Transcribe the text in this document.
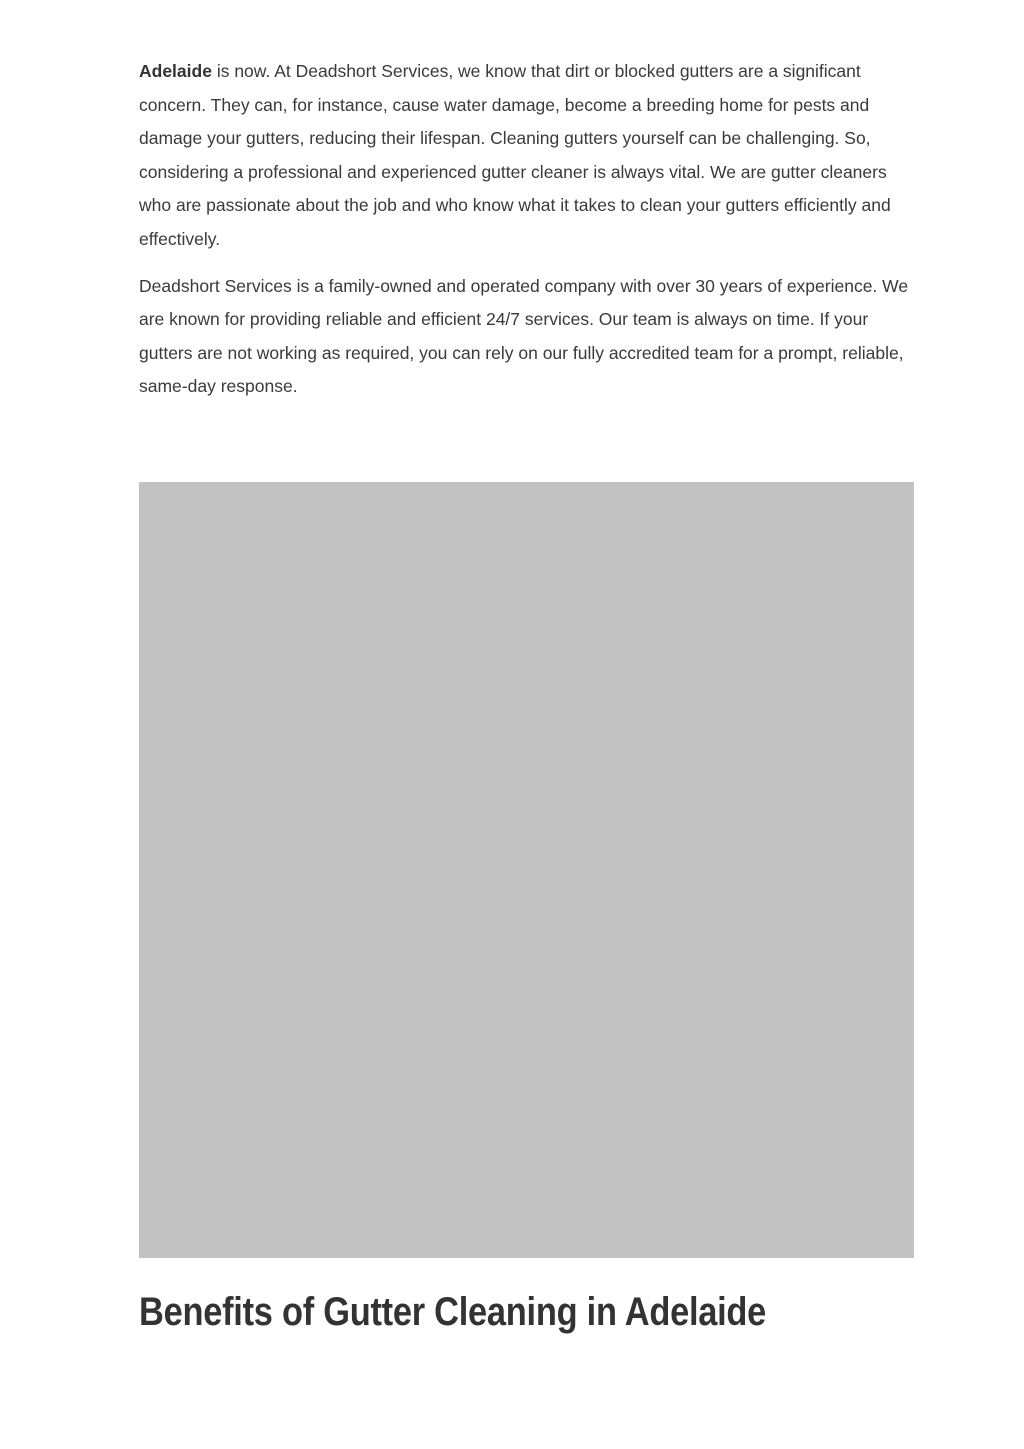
Adelaide is now. At Deadshort Services, we know that dirt or blocked gutters are a significant concern. They can, for instance, cause water damage, become a breeding home for pests and damage your gutters, reducing their lifespan. Cleaning gutters yourself can be challenging. So, considering a professional and experienced gutter cleaner is always vital. We are gutter cleaners who are passionate about the job and who know what it takes to clean your gutters efficiently and effectively.

Deadshort Services is a family-owned and operated company with over 30 years of experience. We are known for providing reliable and efficient 24/7 services. Our team is always on time. If your gutters are not working as required, you can rely on our fully accredited team for a prompt, reliable, same-day response.

Benefits of Gutter Cleaning in Adelaide
